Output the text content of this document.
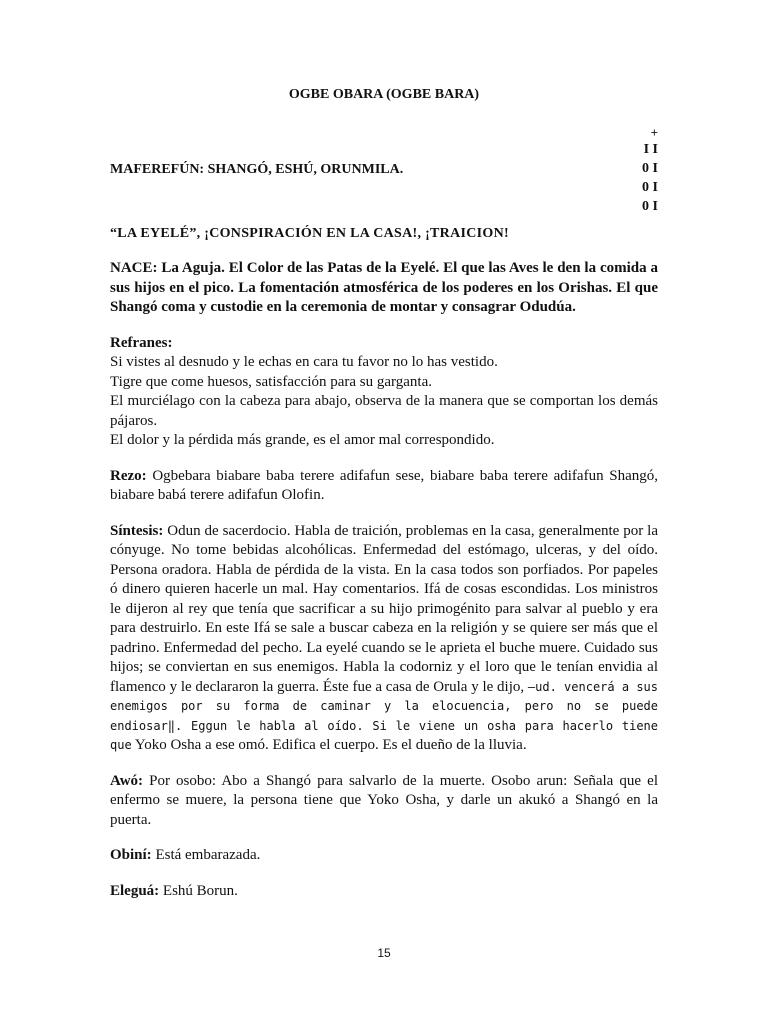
OGBE OBARA (OGBE BARA)
+
I I
0 I
0 I
0 I

MAFEREFÚN: SHANGÓ, ESHÚ, ORUNMILA.

“LA EYELÉ”, ¡CONSPIRACIÓN EN LA CASA!, ¡TRAICION!

NACE: La Aguja. El Color de las Patas de la Eyelé. El que las Aves le den la comida a sus hijos en el pico. La fomentación atmosférica de los poderes en los Orishas. El que Shangó coma y custodie en la ceremonia de montar y consagrar Odudúa.

Refranes:
Si vistes al desnudo y le echas en cara tu favor no lo has vestido.
Tigre que come huesos, satisfacción para su garganta.
El murciélago con la cabeza para abajo, observa de la manera que se comportan los demás pájaros.
El dolor y la pérdida más grande, es el amor mal correspondido.

Rezo: Ogbebara biabare baba terere adifafun sese, biabare baba terere adifafun Shangó, biabare babá terere adifafun Olofin.

Síntesis: Odun de sacerdocio. Habla de traición, problemas en la casa, generalmente por la cónyuge. No tome bebidas alcohólicas. Enfermedad del estómago, ulceras, y del oído. Persona oradora. Habla de pérdida de la vista. En la casa todos son porfiados. Por papeles ó dinero quieren hacerle un mal. Hay comentarios. Ifá de cosas escondidas. Los ministros le dijeron al rey que tenía que sacrificar a su hijo primogénito para salvar al pueblo y era para destruirlo. En este Ifá se sale a buscar cabeza en la religión y se quiere ser más que el padrino. Enfermedad del pecho. La eyelé cuando se le aprieta el buche muere. Cuidado sus hijos; se conviertan en sus enemigos. Habla la codorniz y el loro que le tenían envidia al flamenco y le declararon la guerra. Éste fue a casa de Orula y le dijo, —ud. vencerá a sus enemigos por su forma de caminar y la elocuencia, pero no se puede endiosar‖. Eggun le habla al oído. Si le viene un osha para hacerlo tiene que Yoko Osha a ese omó. Edifica el cuerpo. Es el dueño de la lluvia.

Awó: Por osobo: Abo a Shangó para salvarlo de la muerte. Osobo arun: Señala que el enfermo se muere, la persona tiene que Yoko Osha, y darle un akukó a Shangó en la puerta.

Obiní: Está embarazada.

Eleguá: Eshú Borun.

15
